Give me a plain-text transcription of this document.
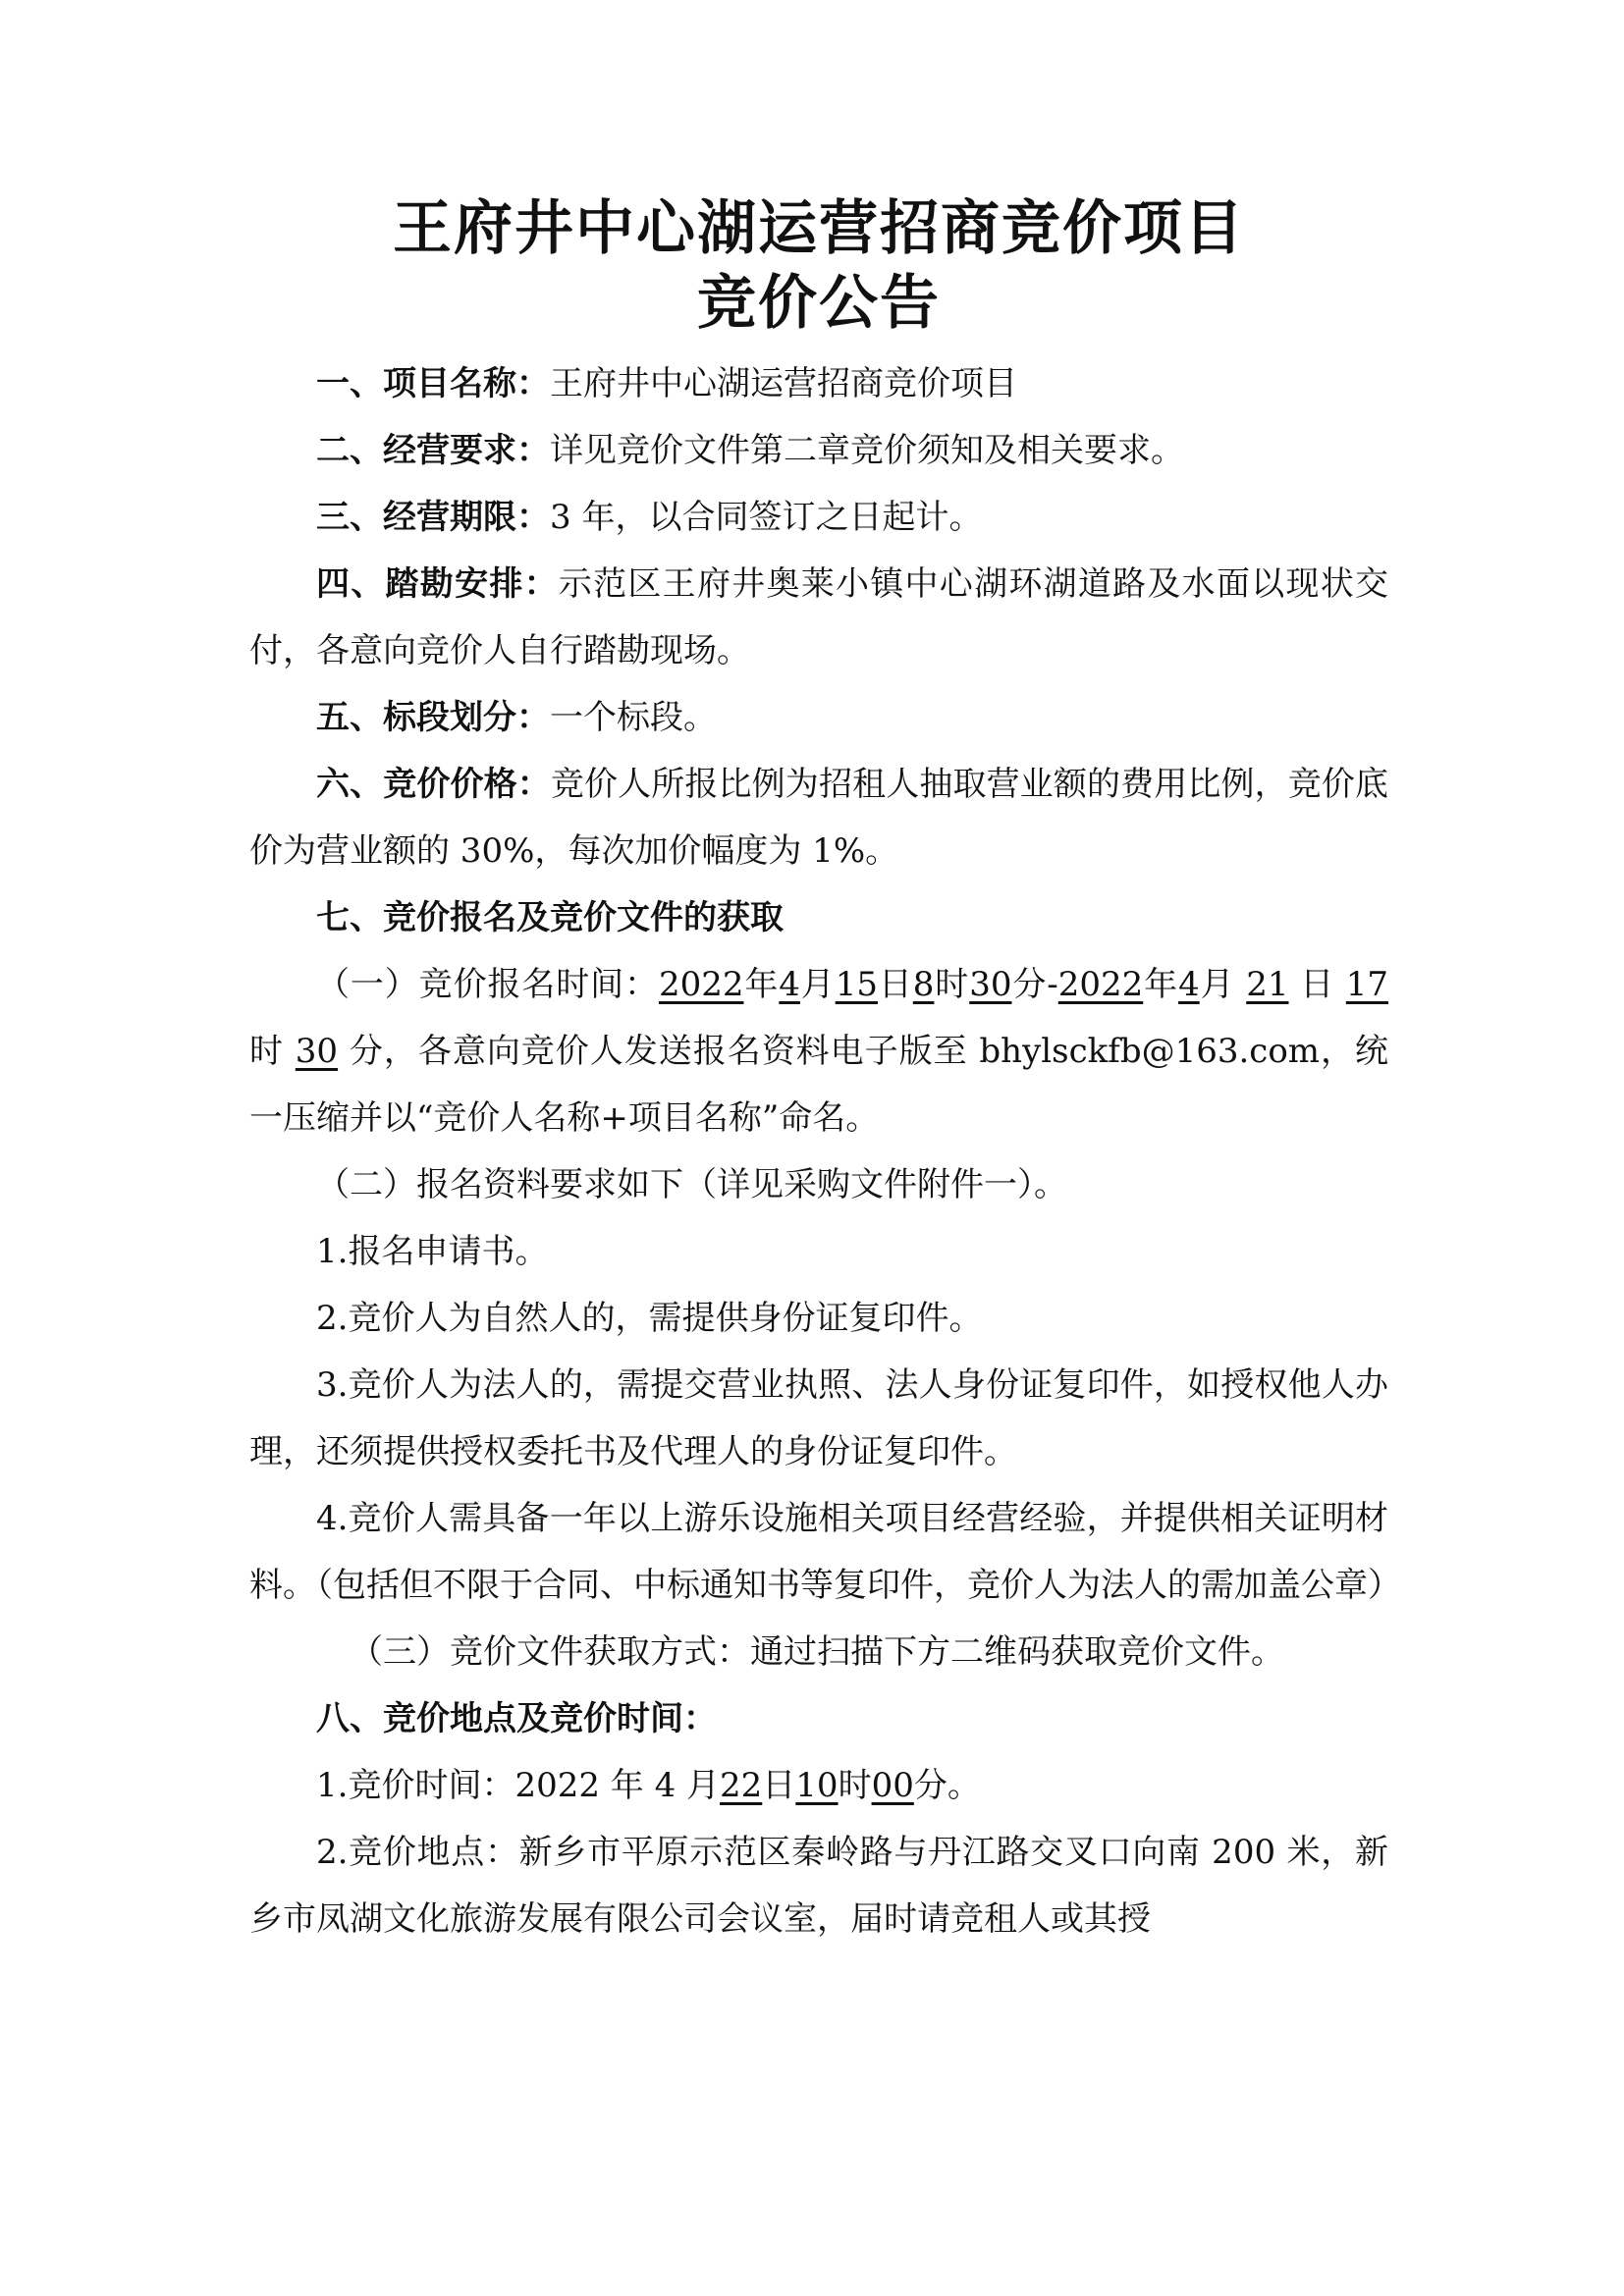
王府井中心湖运营招商竞价项目

竞价公告

一、项目名称：王府井中心湖运营招商竞价项目

二、经营要求：详见竞价文件第二章竞价须知及相关要求。

三、经营期限：3 年，以合同签订之日起计。

四、踏勘安排：示范区王府井奥莱小镇中心湖环湖道路及水面以现状交付，各意向竞价人自行踏勘现场。

五、标段划分：一个标段。

六、竞价价格：竞价人所报比例为招租人抽取营业额的费用比例，竞价底价为营业额的 30%，每次加价幅度为 1%。

七、竞价报名及竞价文件的获取

（一）竞价报名时间：2022年4月15日8时30分-2022年4月 21 日 17 时 30 分，各意向竞价人发送报名资料电子版至 bhylsckfb@163.com，统一压缩并以“竞价人名称+项目名称”命名。

（二）报名资料要求如下（详见采购文件附件一）。

1.报名申请书。

2.竞价人为自然人的，需提供身份证复印件。

3.竞价人为法人的，需提交营业执照、法人身份证复印件，如授权他人办理，还须提供授权委托书及代理人的身份证复印件。

4.竞价人需具备一年以上游乐设施相关项目经营经验，并提供相关证明材料。（包括但不限于合同、中标通知书等复印件，竞价人为法人的需加盖公章）

（三）竞价文件获取方式：通过扫描下方二维码获取竞价文件。

八、竞价地点及竞价时间：

1.竞价时间：2022 年 4 月22日10时00分。

2.竞价地点：新乡市平原示范区秦岭路与丹江路交叉口向南 200 米，新乡市凤湖文化旅游发展有限公司会议室，届时请竞租人或其授
